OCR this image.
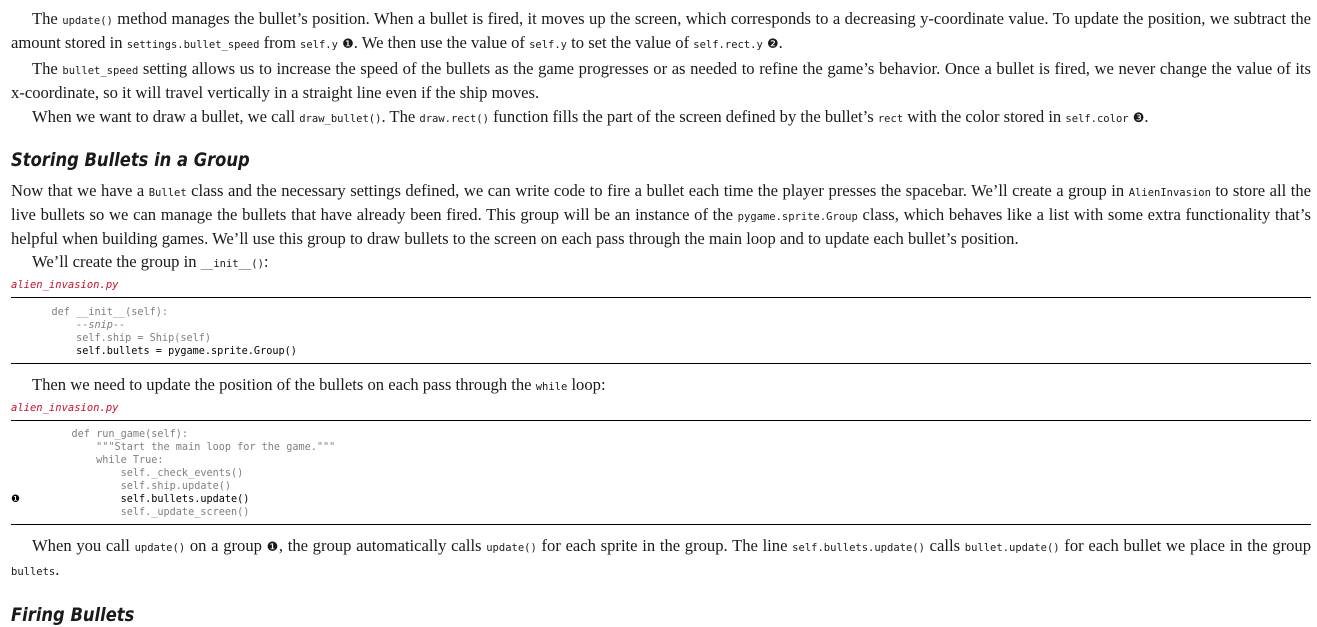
The update() method manages the bullet’s position. When a bullet is fired, it moves up the screen, which corresponds to a decreasing y-coordinate value. To update the position, we subtract the amount stored in settings.bullet_speed from self.y ❶. We then use the value of self.y to set the value of self.rect.y ❷.

The bullet_speed setting allows us to increase the speed of the bullets as the game progresses or as needed to refine the game’s behavior. Once a bullet is fired, we never change the value of its x-coordinate, so it will travel vertically in a straight line even if the ship moves.

When we want to draw a bullet, we call draw_bullet(). The draw.rect() function fills the part of the screen defined by the bullet’s rect with the color stored in self.color ❸.

Storing Bullets in a Group

Now that we have a Bullet class and the necessary settings defined, we can write code to fire a bullet each time the player presses the spacebar. We’ll create a group in AlienInvasion to store all the live bullets so we can manage the bullets that have already been fired. This group will be an instance of the pygame.sprite.Group class, which behaves like a list with some extra functionality that’s helpful when building games. We’ll use this group to draw bullets to the screen on each pass through the main loop and to update each bullet’s position.

We’ll create the group in __init__():

alien_invasion.py
def __init__(self):
--snip--
self.ship = Ship(self)
self.bullets = pygame.sprite.Group()

Then we need to update the position of the bullets on each pass through the while loop:

alien_invasion.py
def run_game(self):
"""Start the main loop for the game."""
while True:
self._check_events()
self.ship.update()
❶	self.bullets.update()
self._update_screen()

When you call update() on a group ❶, the group automatically calls update() for each sprite in the group. The line self.bullets.update() calls bullet.update() for each bullet we place in the group bullets.

Firing Bullets
